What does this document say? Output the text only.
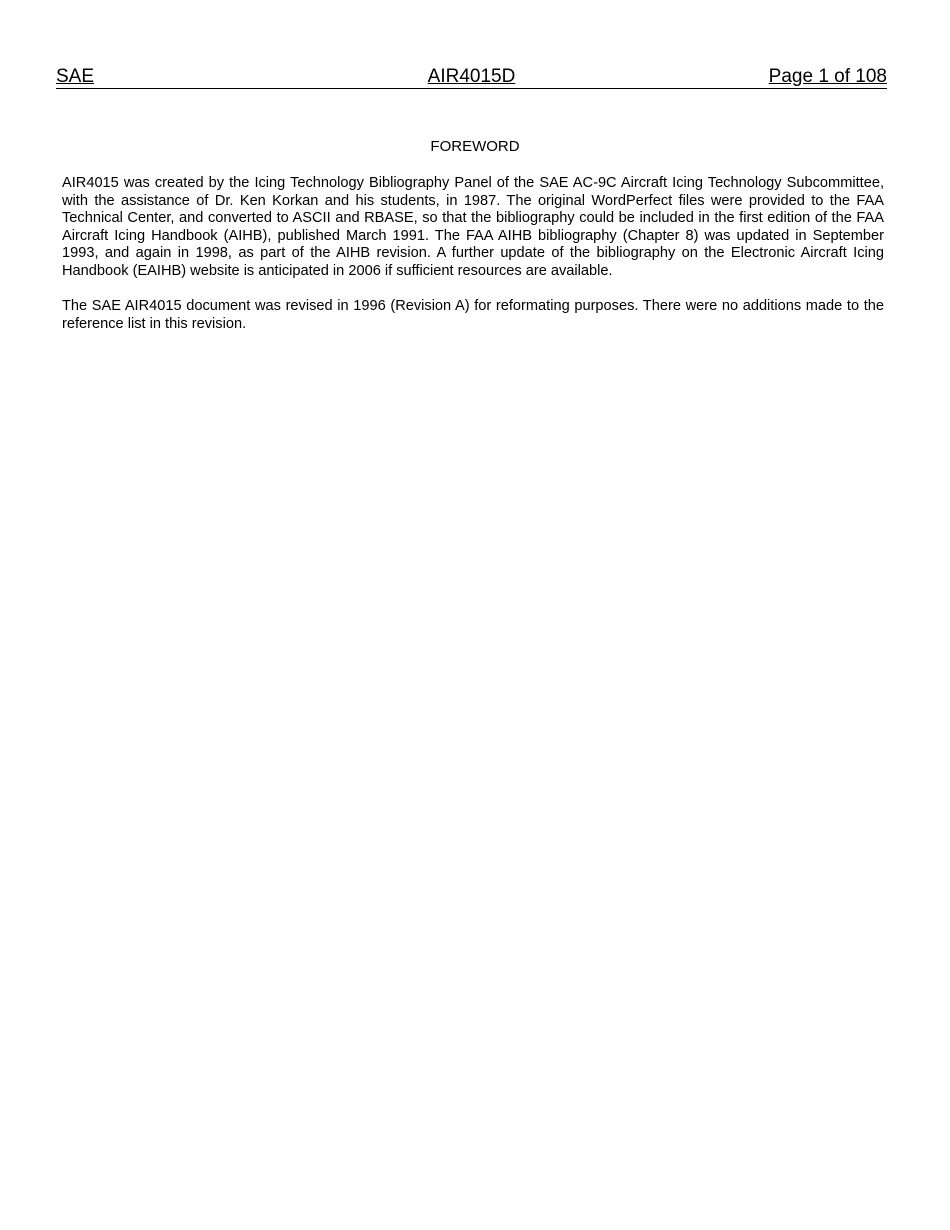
AIR4015D
SAE	Page 1 of 108
FOREWORD

AIR4015 was created by the Icing Technology Bibliography Panel of the SAE AC-9C Aircraft Icing Technology Subcommittee, with the assistance of Dr. Ken Korkan and his students, in 1987. The original WordPerfect files were provided to the FAA Technical Center, and converted to ASCII and RBASE, so that the bibliography could be included in the first edition of the FAA Aircraft Icing Handbook (AIHB), published March 1991. The FAA AIHB bibliography (Chapter 8) was updated in September 1993, and again in 1998, as part of the AIHB revision. A further update of the bibliography on the Electronic Aircraft Icing Handbook (EAIHB) website is anticipated in 2006 if sufficient resources are available.

The SAE AIR4015 document was revised in 1996 (Revision A) for reformating purposes. There were no additions made to the reference list in this revision.
